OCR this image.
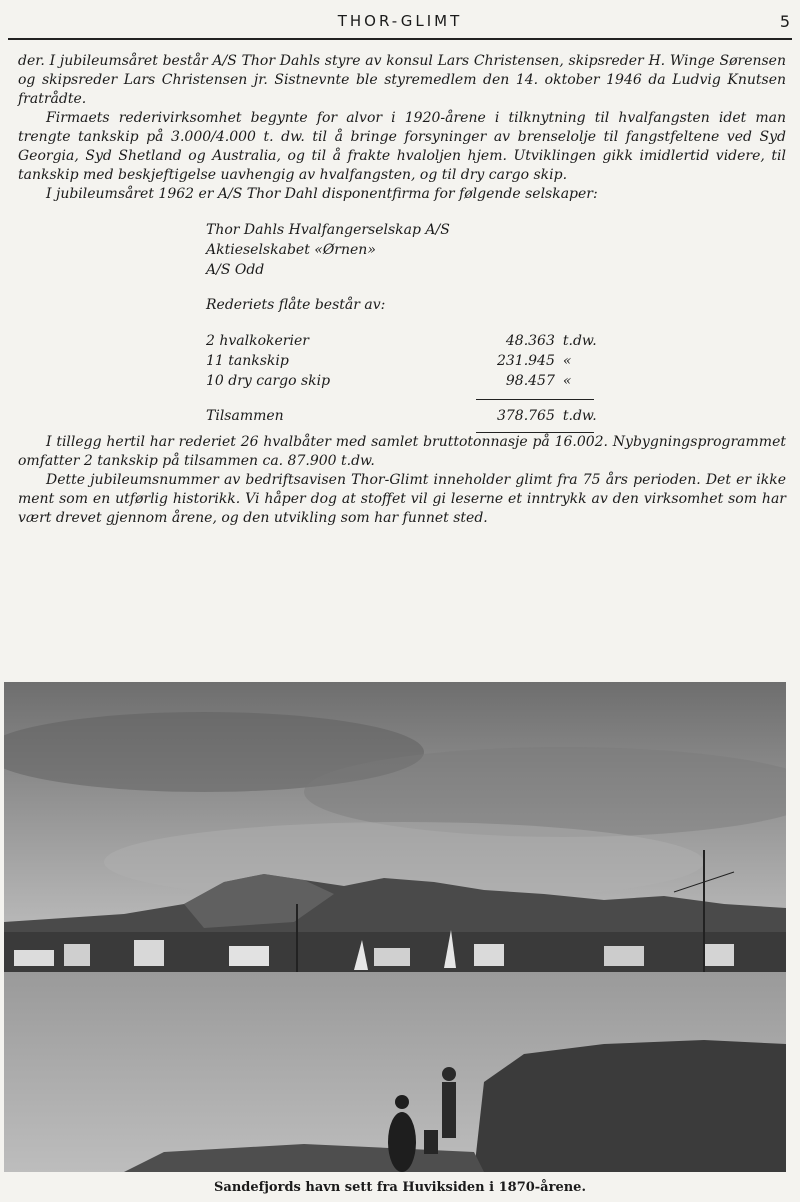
THOR-GLIMT	5

der. I jubileumsåret består A/S Thor Dahls styre av konsul Lars Christensen, skipsreder H. Winge Sørensen og skipsreder Lars Christensen jr. Sistnevnte ble styremedlem den 14. oktober 1946 da Ludvig Knutsen fratrådte.

Firmaets rederivirksomhet begynte for alvor i 1920-årene i tilknytning til hvalfangsten idet man trengte tankskip på 3.000/4.000 t. dw. til å bringe forsyninger av brenselolje til fangstfeltene ved Syd Georgia, Syd Shetland og Australia, og til å frakte hvaloljen hjem. Utviklingen gikk imidlertid videre, til tankskip med beskjeftigelse uavhengig av hvalfangsten, og til dry cargo skip.

I jubileumsåret 1962 er A/S Thor Dahl disponentfirma for følgende selskaper:

Thor Dahls Hvalfangerselskap A/S
Aktieselskabet «Ørnen»
A/S Odd
Rederiets flåte består av:
2 hvalkokerier	48.363 t.dw.
11 tankskip	231.945 «
10 dry cargo skip	98.457 «
Tilsammen	378.765 t.dw.

I tillegg hertil har rederiet 26 hvalbåter med samlet bruttotonnasje på 16.002. Nybygningsprogrammet omfatter 2 tankskip på tilsammen ca. 87.900 t.dw.

Dette jubileumsnummer av bedriftsavisen Thor-Glimt inneholder glimt fra 75 års perioden. Det er ikke ment som en utførlig historikk. Vi håper dog at stoffet vil gi leserne et inntrykk av den virksomhet som har vært drevet gjennom årene, og den utvikling som har funnet sted.

Sandefjords havn sett fra Huviksiden i 1870-årene.
